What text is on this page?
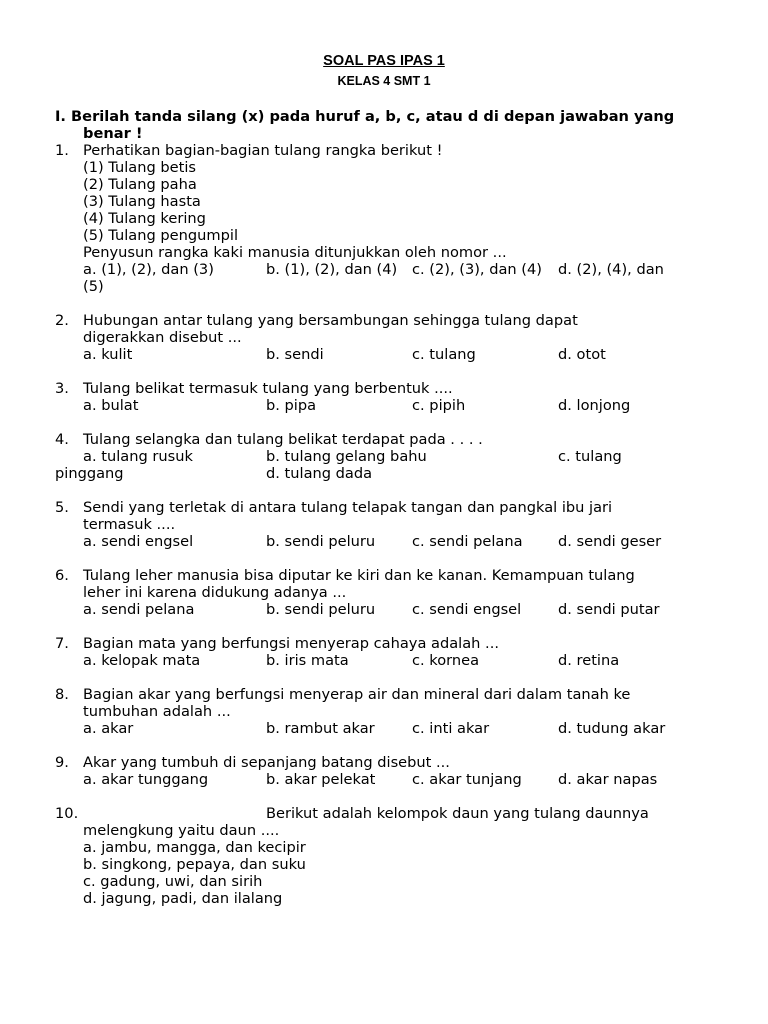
SOAL PAS IPAS 1
KELAS 4 SMT 1
I. Berilah tanda silang (x) pada huruf a, b, c, atau d di depan jawaban yang benar !
1. Perhatikan bagian-bagian tulang rangka berikut !
(1) Tulang betis
(2) Tulang paha
(3) Tulang hasta
(4) Tulang kering
(5) Tulang pengumpil
Penyusun rangka kaki manusia ditunjukkan oleh nomor ...
a. (1), (2), dan (3)	b. (1), (2), dan (4) c. (2), (3), dan (4) d. (2), (4), dan
(5)
2. Hubungan antar tulang yang bersambungan sehingga tulang dapat
digerakkan disebut ...
a. kulit	b. sendi	c. tulang	d. otot
3. Tulang belikat termasuk tulang yang berbentuk ....
a. bulat	b. pipa	c. pipih	d. lonjong
4. Tulang selangka dan tulang belikat terdapat pada . . . .
a. tulang rusuk	b. tulang gelang bahu	c. tulang
pinggang	d. tulang dada
5. Sendi yang terletak di antara tulang telapak tangan dan pangkal ibu jari
termasuk ....
a. sendi engsel	b. sendi peluru	c. sendi pelana d. sendi geser
6. Tulang leher manusia bisa diputar ke kiri dan ke kanan. Kemampuan tulang
leher ini karena didukung adanya ...
a. sendi pelana	b. sendi peluru	c. sendi engsel	d. sendi putar
7. Bagian mata yang berfungsi menyerap cahaya adalah ...
a. kelopak mata	b. iris mata	c. kornea	d. retina
8. Bagian akar yang berfungsi menyerap air dan mineral dari dalam tanah ke
tumbuhan adalah ...
a. akar	b. rambut akar	c. inti akar	d. tudung akar
9. Akar yang tumbuh di sepanjang batang disebut ...
a. akar tunggang	b. akar pelekat	c. akar tunjang d. akar napas
10.	Berikut adalah kelompok daun yang tulang daunnya
melengkung yaitu daun ....
a. jambu, mangga, dan kecipir
b. singkong, pepaya, dan suku
c. gadung, uwi, dan sirih
d. jagung, padi, dan ilalang
